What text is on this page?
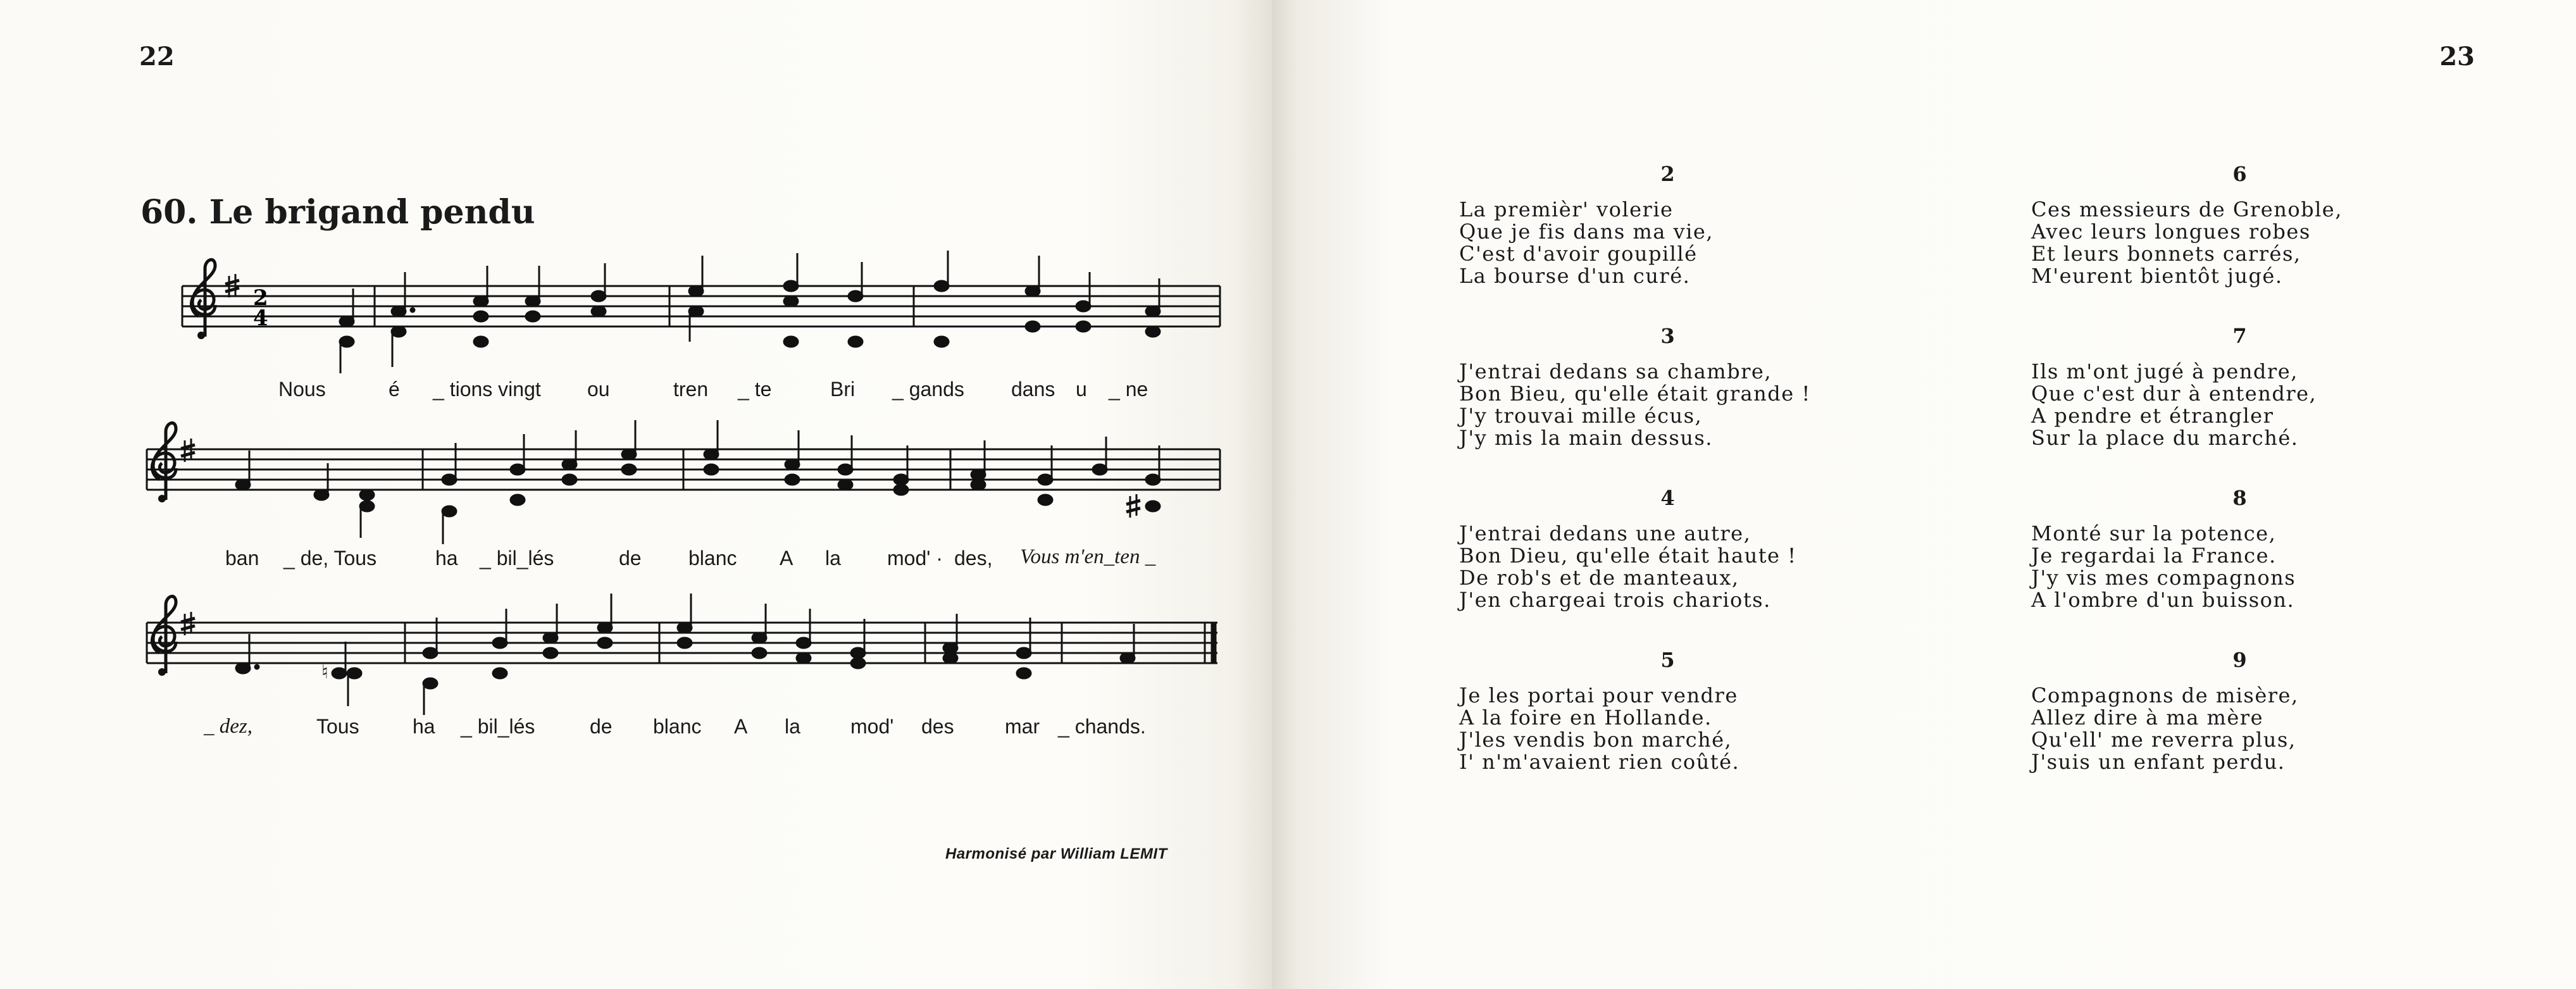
22
60. Le brigand pendu
2
4
♮
Nous	é _ tions vingt ou	tren _ te	Bri _ gands dans u _ ne
ban _ de, Tous	ha _ bil_lés	de blanc A la mod' · des, Vous m'en_ten _
_ dez,	Tous	ha _ bil_lés	de blanc A la mod' des	mar _ chands.
Harmonisé par William LEMIT
23
2
La premièr' volerie
Que je fis dans ma vie,
C'est d'avoir goupillé
La bourse d'un curé.
3
J'entrai dedans sa chambre,
Bon Bieu, qu'elle était grande !
J'y trouvai mille écus,
J'y mis la main dessus.
4
J'entrai dedans une autre,
Bon Dieu, qu'elle était haute !
De rob's et de manteaux,
J'en chargeai trois chariots.
5
Je les portai pour vendre
A la foire en Hollande.
J'les vendis bon marché,
I' n'm'avaient rien coûté.
6
Ces messieurs de Grenoble,
Avec leurs longues robes
Et leurs bonnets carrés,
M'eurent bientôt jugé.
7
Ils m'ont jugé à pendre,
Que c'est dur à entendre,
A pendre et étrangler
Sur la place du marché.
8
Monté sur la potence,
Je regardai la France.
J'y vis mes compagnons
A l'ombre d'un buisson.
9
Compagnons de misère,
Allez dire à ma mère
Qu'ell' me reverra plus,
J'suis un enfant perdu.
